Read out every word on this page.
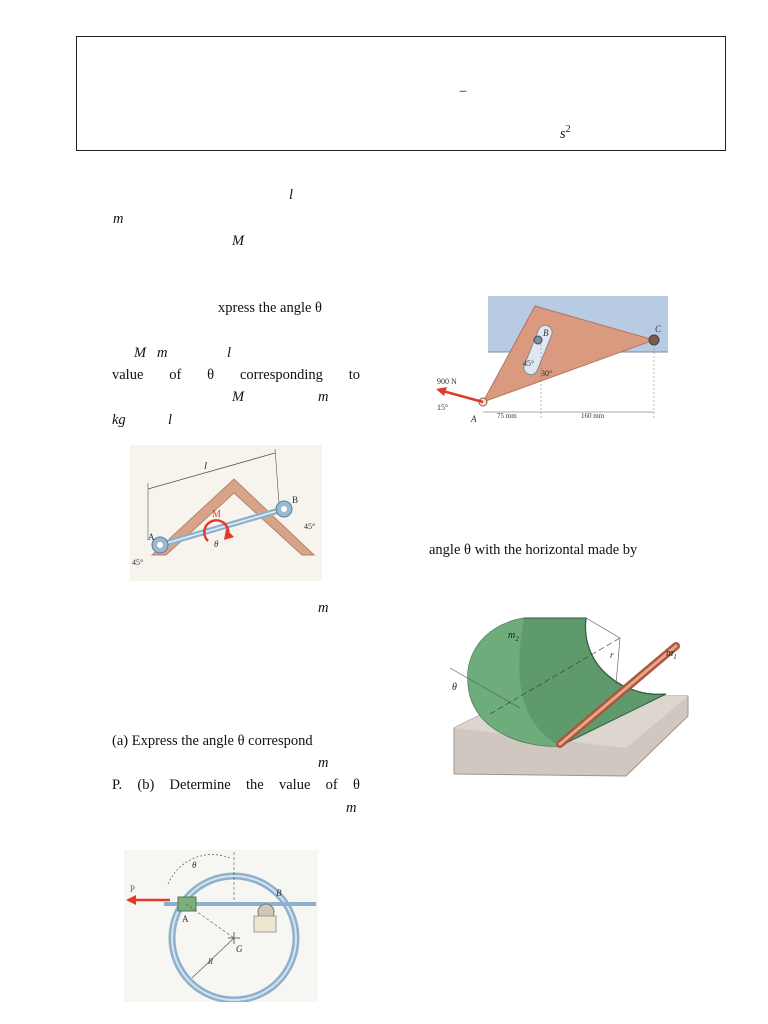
−
$s^2$
l
m
M
xpress the angle θ
M m	l
value of θ corresponding to
M	m
kg	l
l
M
θ
A
B
45°
45°
m
(a) Express the angle θ correspond
m
P. (b) Determine the value of θ
m
P
A
B
G
R
θ
900 N
15°
A
B	C
45°
30°
75 mm	160 mm
angle θ with the horizontal made by
$m_2$
$m_1$
r
θ
